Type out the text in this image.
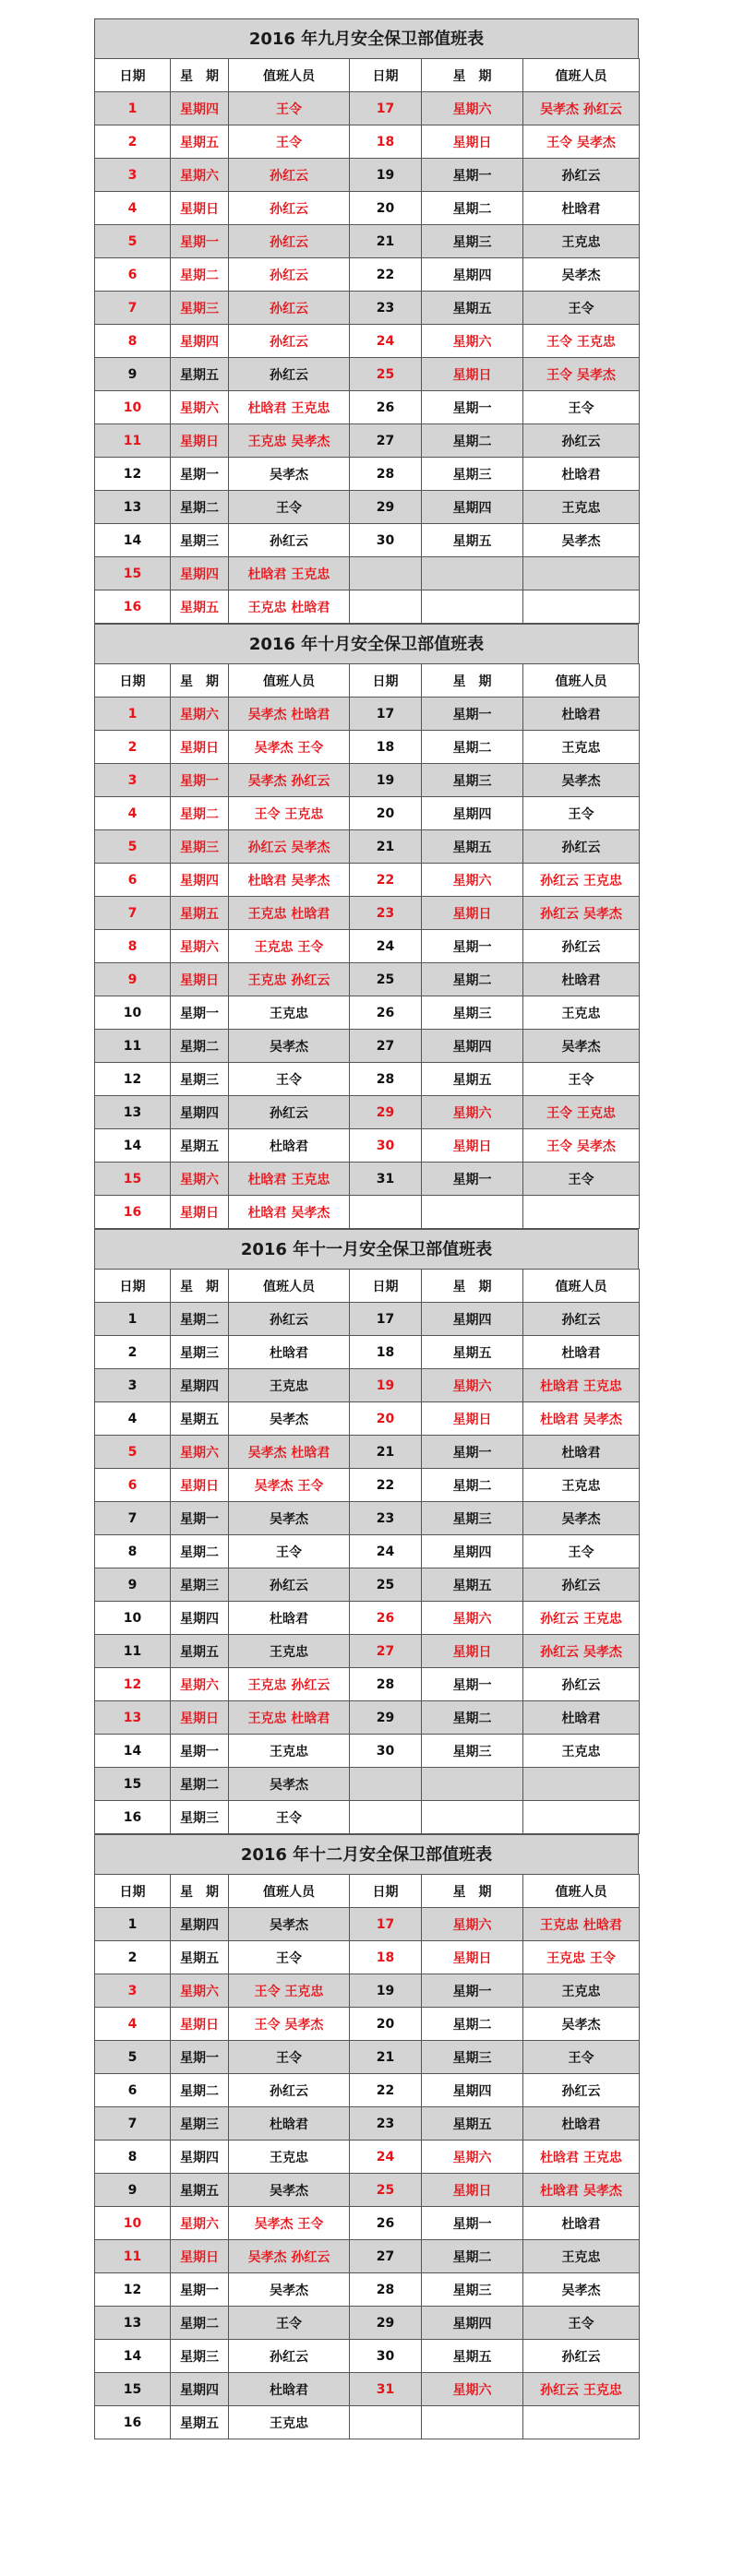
2016 年九月安全保卫部值班表
日期	星　期	值班人员	日期	星　期	值班人员
1	星期四	王令	17	星期六	吴孝杰 孙红云
2	星期五	王令	18	星期日	王令 吴孝杰
3	星期六	孙红云	19	星期一	孙红云
4	星期日	孙红云	20	星期二	杜晗君
5	星期一	孙红云	21	星期三	王克忠
6	星期二	孙红云	22	星期四	吴孝杰
7	星期三	孙红云	23	星期五	王令
8	星期四	孙红云	24	星期六	王令 王克忠
9	星期五	孙红云	25	星期日	王令 吴孝杰
10	星期六	杜晗君 王克忠	26	星期一	王令
11	星期日	王克忠 吴孝杰	27	星期二	孙红云
12	星期一	吴孝杰	28	星期三	杜晗君
13	星期二	王令	29	星期四	王克忠
14	星期三	孙红云	30	星期五	吴孝杰
15	星期四	杜晗君 王克忠			
16	星期五	王克忠 杜晗君			
2016 年十月安全保卫部值班表
日期	星　期	值班人员	日期	星　期	值班人员
1	星期六	吴孝杰 杜晗君	17	星期一	杜晗君
2	星期日	吴孝杰 王令	18	星期二	王克忠
3	星期一	吴孝杰 孙红云	19	星期三	吴孝杰
4	星期二	王令 王克忠	20	星期四	王令
5	星期三	孙红云 吴孝杰	21	星期五	孙红云
6	星期四	杜晗君 吴孝杰	22	星期六	孙红云 王克忠
7	星期五	王克忠 杜晗君	23	星期日	孙红云 吴孝杰
8	星期六	王克忠 王令	24	星期一	孙红云
9	星期日	王克忠 孙红云	25	星期二	杜晗君
10	星期一	王克忠	26	星期三	王克忠
11	星期二	吴孝杰	27	星期四	吴孝杰
12	星期三	王令	28	星期五	王令
13	星期四	孙红云	29	星期六	王令 王克忠
14	星期五	杜晗君	30	星期日	王令 吴孝杰
15	星期六	杜晗君 王克忠	31	星期一	王令
16	星期日	杜晗君 吴孝杰			
2016 年十一月安全保卫部值班表
日期	星　期	值班人员	日期	星　期	值班人员
1	星期二	孙红云	17	星期四	孙红云
2	星期三	杜晗君	18	星期五	杜晗君
3	星期四	王克忠	19	星期六	杜晗君 王克忠
4	星期五	吴孝杰	20	星期日	杜晗君 吴孝杰
5	星期六	吴孝杰 杜晗君	21	星期一	杜晗君
6	星期日	吴孝杰 王令	22	星期二	王克忠
7	星期一	吴孝杰	23	星期三	吴孝杰
8	星期二	王令	24	星期四	王令
9	星期三	孙红云	25	星期五	孙红云
10	星期四	杜晗君	26	星期六	孙红云 王克忠
11	星期五	王克忠	27	星期日	孙红云 吴孝杰
12	星期六	王克忠 孙红云	28	星期一	孙红云
13	星期日	王克忠 杜晗君	29	星期二	杜晗君
14	星期一	王克忠	30	星期三	王克忠
15	星期二	吴孝杰			
16	星期三	王令			
2016 年十二月安全保卫部值班表
日期	星　期	值班人员	日期	星　期	值班人员
1	星期四	吴孝杰	17	星期六	王克忠 杜晗君
2	星期五	王令	18	星期日	王克忠 王令
3	星期六	王令 王克忠	19	星期一	王克忠
4	星期日	王令 吴孝杰	20	星期二	吴孝杰
5	星期一	王令	21	星期三	王令
6	星期二	孙红云	22	星期四	孙红云
7	星期三	杜晗君	23	星期五	杜晗君
8	星期四	王克忠	24	星期六	杜晗君 王克忠
9	星期五	吴孝杰	25	星期日	杜晗君 吴孝杰
10	星期六	吴孝杰 王令	26	星期一	杜晗君
11	星期日	吴孝杰 孙红云	27	星期二	王克忠
12	星期一	吴孝杰	28	星期三	吴孝杰
13	星期二	王令	29	星期四	王令
14	星期三	孙红云	30	星期五	孙红云
15	星期四	杜晗君	31	星期六	孙红云 王克忠
16	星期五	王克忠			
